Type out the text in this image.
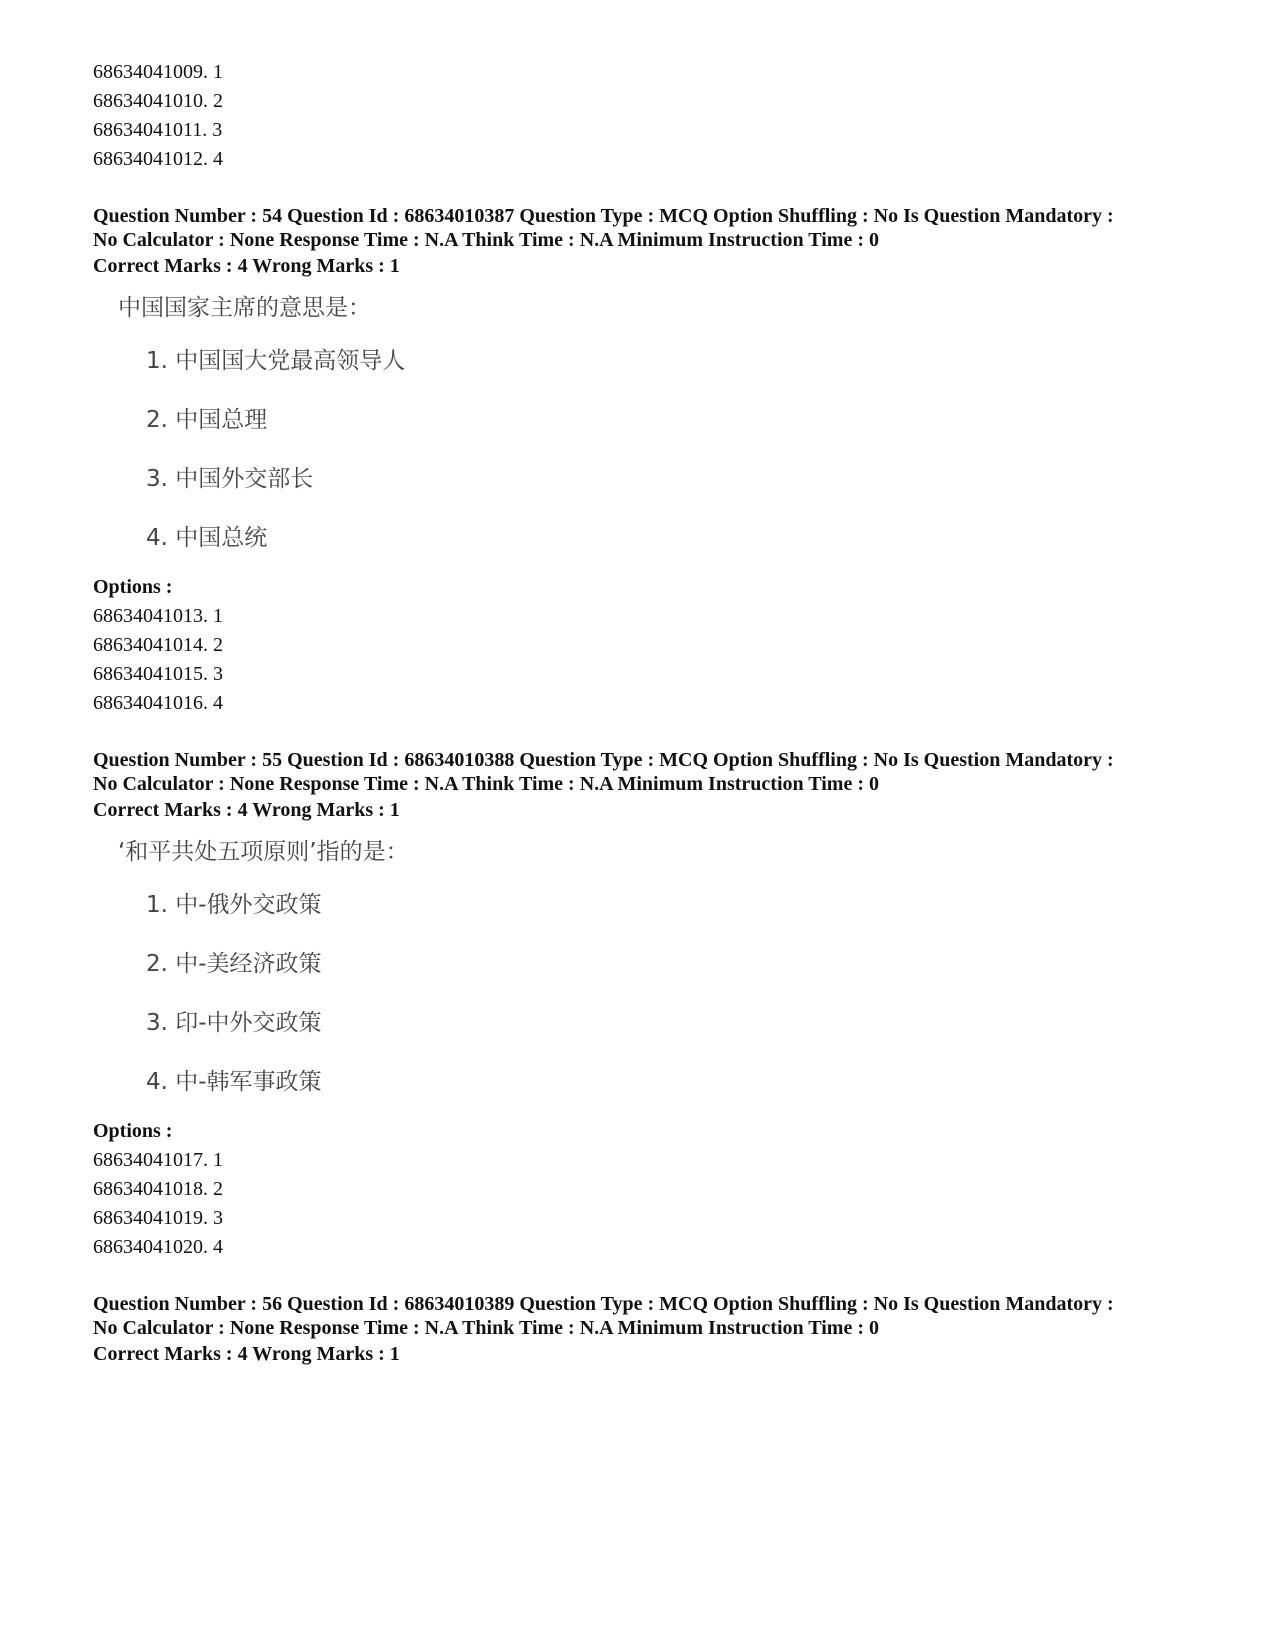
68634041009. 1
68634041010. 2
68634041011. 3
68634041012. 4
Question Number : 54 Question Id : 68634010387 Question Type : MCQ Option Shuffling : No Is Question Mandatory :
No Calculator : None Response Time : N.A Think Time : N.A Minimum Instruction Time : 0
Correct Marks : 4 Wrong Marks : 1
中国国家主席的意思是：
1. 中国国大党最高领导人
2. 中国总理
3. 中国外交部长
4. 中国总统
Options :
68634041013. 1
68634041014. 2
68634041015. 3
68634041016. 4
Question Number : 55 Question Id : 68634010388 Question Type : MCQ Option Shuffling : No Is Question Mandatory :
No Calculator : None Response Time : N.A Think Time : N.A Minimum Instruction Time : 0
Correct Marks : 4 Wrong Marks : 1
‘和平共处五项原则’指的是：
1. 中-俄外交政策
2. 中-美经济政策
3. 印-中外交政策
4. 中-韩军事政策
Options :
68634041017. 1
68634041018. 2
68634041019. 3
68634041020. 4
Question Number : 56 Question Id : 68634010389 Question Type : MCQ Option Shuffling : No Is Question Mandatory :
No Calculator : None Response Time : N.A Think Time : N.A Minimum Instruction Time : 0
Correct Marks : 4 Wrong Marks : 1
